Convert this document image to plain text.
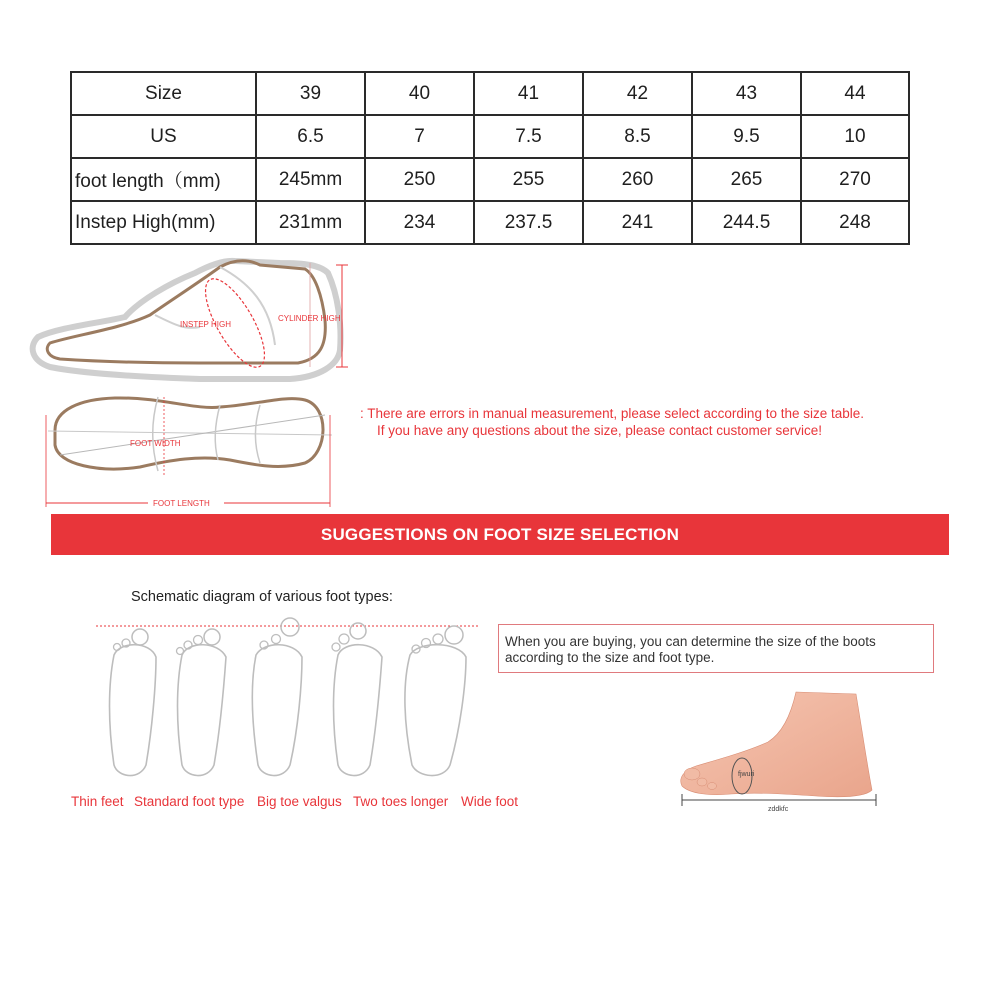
Size	39	40	41	42	43	44
US	6.5	7	7.5	8.5	9.5	10
foot length（mm)	245mm	250	255	260	265	270
Instep High(mm)	231mm	234	237.5	241	244.5	248
INSTEP HIGH
CYLINDER HIGH
FOOT WIDTH
FOOT LENGTH
: There are errors in manual measurement, please select according to the size table.
If you have any questions about the size, please contact customer service!
SUGGESTIONS ON FOOT SIZE SELECTION
Schematic diagram of various foot types:
Thin feet Standard foot type Big toe valgus Two toes longer Wide foot
When you are buying, you can determine the size of the boots
according to the size and foot type.
fjwuri
zddkfc
